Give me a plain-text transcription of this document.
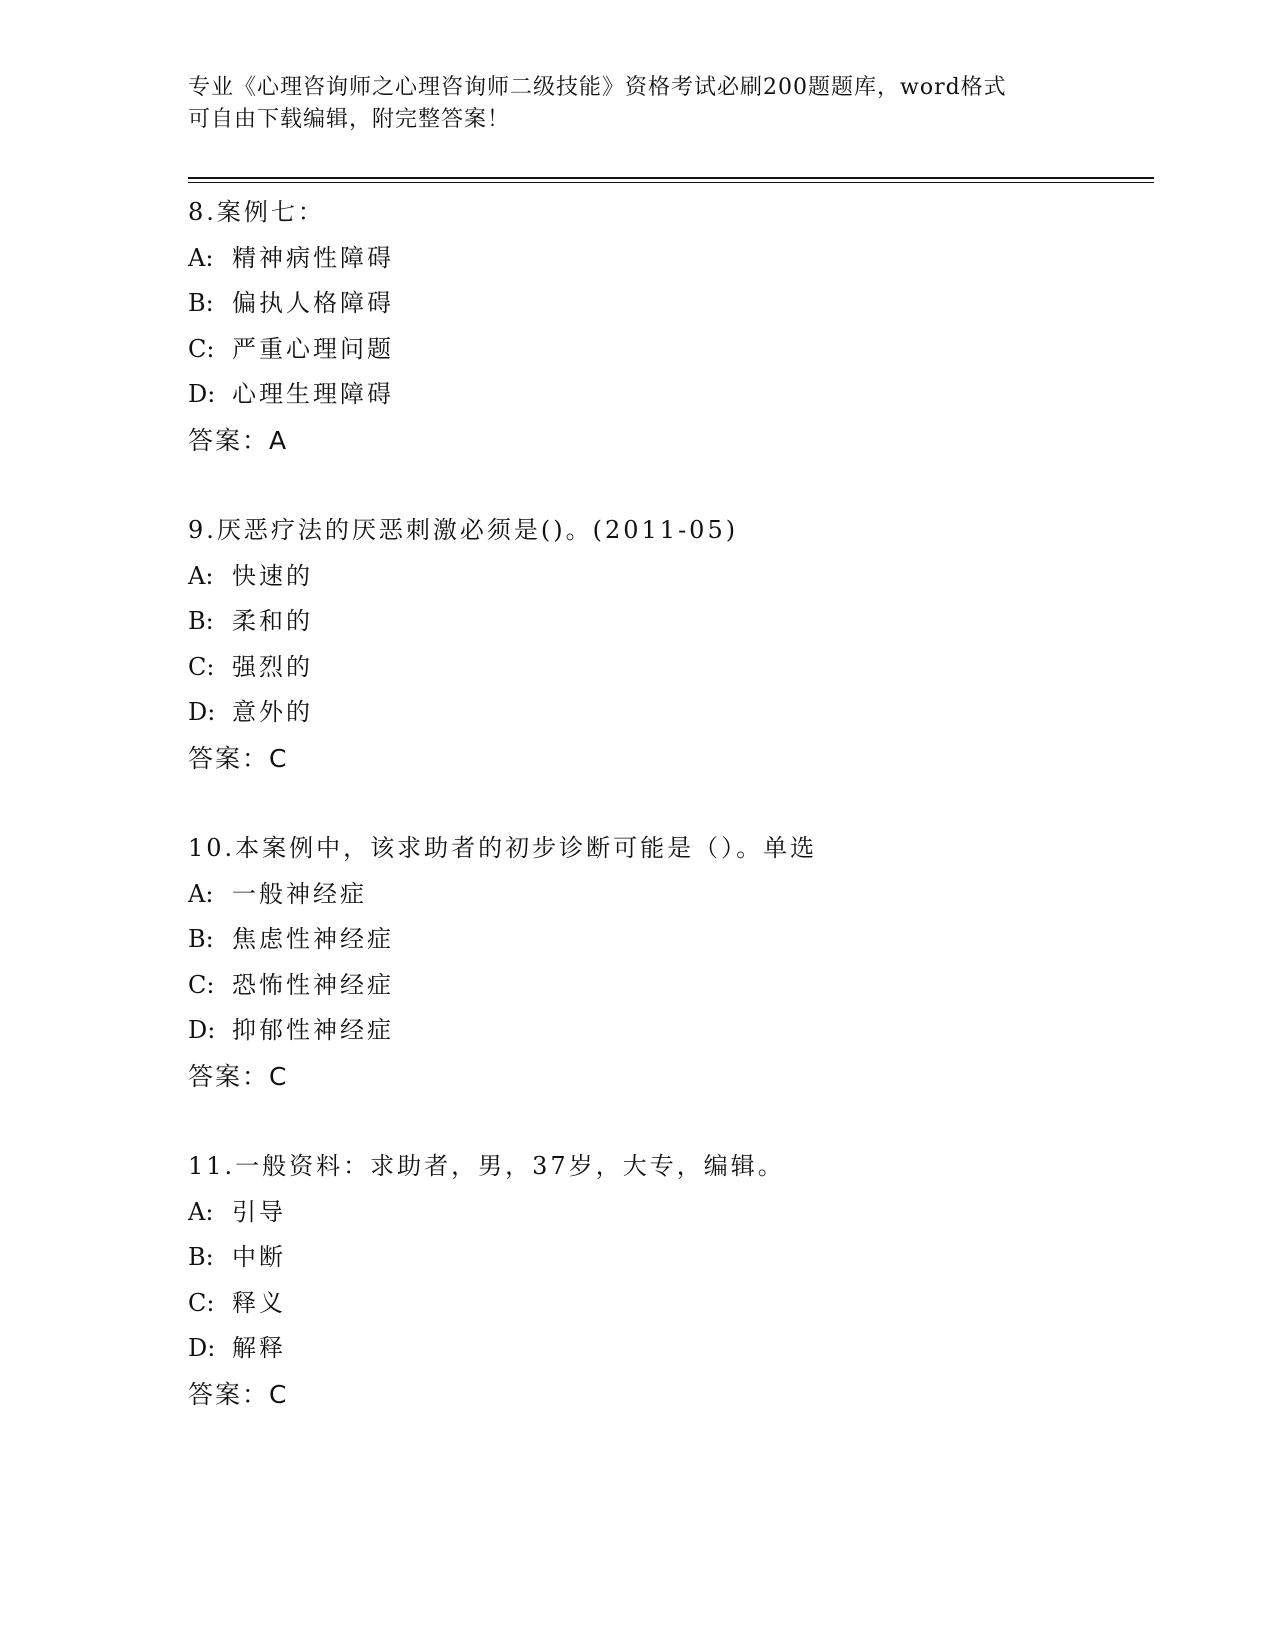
专业《心理咨询师之心理咨询师二级技能》资格考试必刷200题题库，word格式
可自由下载编辑，附完整答案！
8.案例七：
A: 精神病性障碍
B: 偏执人格障碍
C: 严重心理问题
D: 心理生理障碍
答案：A
9.厌恶疗法的厌恶刺激必须是()。(2011-05)
A: 快速的
B: 柔和的
C: 强烈的
D: 意外的
答案：C
10.本案例中，该求助者的初步诊断可能是（）。单选
A: 一般神经症
B: 焦虑性神经症
C: 恐怖性神经症
D: 抑郁性神经症
答案：C
11.一般资料：求助者，男，37岁，大专，编辑。
A: 引导
B: 中断
C: 释义
D: 解释
答案：C
